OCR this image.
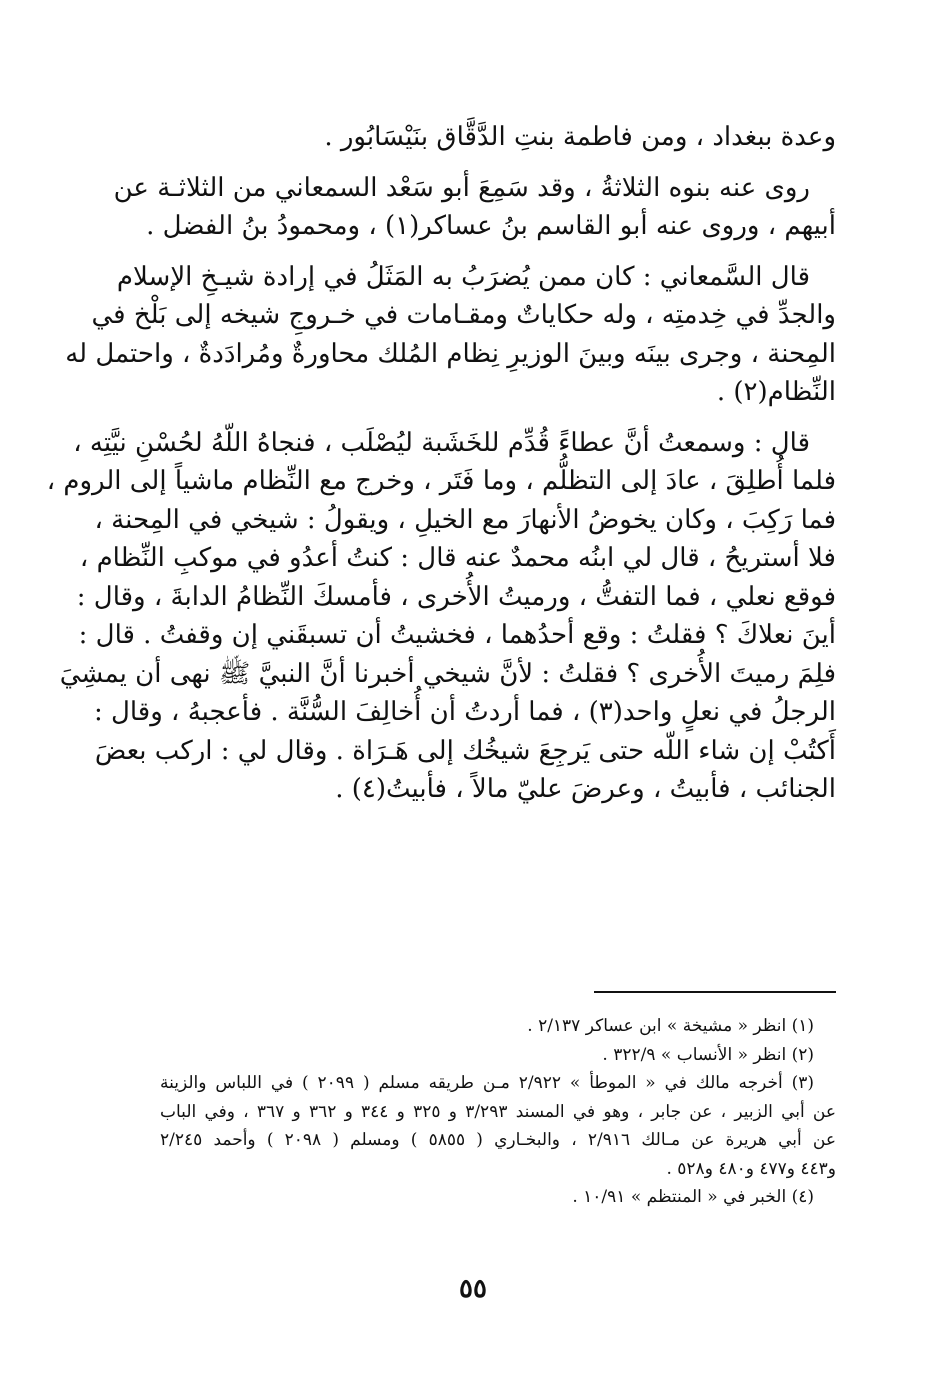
وعدة ببغداد ، ومن فاطمة بنتِ الدَّقَّاق بنَيْسَابُور .
روى عنه بنوه الثلاثةُ ، وقد سَمِعَ أبو سَعْد السمعاني من الثلاثـة عن
أبيهم ، وروى عنه أبو القاسم بنُ عساكر(١) ، ومحمودُ بنُ الفضل .
قال السَّمعاني : كان ممن يُضرَبُ به المَثَلُ في إرادة شيـخِ الإسلام
والجدِّ في خِدمتِه ، وله حكاياتٌ ومقـامات في خـروجِ شيخه إلى بَلْخ في
المِحنة ، وجرى بينَه وبينَ الوزيرِ نِظام المُلك محاورةٌ ومُرادَدةٌ ، واحتمل له
النِّظام(٢) .
قال : وسمعتُ أنَّ عطاءً قُدِّم للخَشَبة ليُصْلَب ، فنجاهُ اللّهُ لحُسْنِ نيَّتِه ،
فلما أُطلِقَ ، عادَ إلى التظلُّم ، وما فَتَر ، وخرج مع النِّظام ماشياً إلى الروم ،
فما رَكِبَ ، وكان يخوضُ الأنهارَ مع الخيلِ ، ويقولُ : شيخي في المِحنة ،
فلا أستريحُ ، قال لي ابنُه محمدٌ عنه قال : كنتُ أعدُو في موكبِ النِّظام ،
فوقع نعلي ، فما التفتُّ ، ورميتُ الأُخرى ، فأمسكَ النِّظامُ الدابةَ ، وقال :
أينَ نعلاكَ ؟ فقلتُ : وقع أحدُهما ، فخشيتُ أن تسبقَني إن وقفتُ . قال :
فلِمَ رميتَ الأُخرى ؟ فقلتُ : لأنَّ شيخي أخبرنا أنَّ النبيَّ ﷺ نهى أن يمشِيَ
الرجلُ في نعلٍ واحد(٣) ، فما أردتُ أن أُخالِفَ السُّنَّة . فأعجبهُ ، وقال :
أَكتُبْ إن شاء اللّه حتى يَرجِعَ شيخُك إلى هَـرَاة . وقال لي : اركب بعضَ
الجنائب ، فأبيتُ ، وعرضَ عليّ مالاً ، فأبيتُ(٤) .
(١) انظر « مشيخة » ابن عساكر ٢/١٣٧ .
(٢) انظر « الأنساب » ٣٢٢/٩ .
(٣) أخرجه مالك في « الموطأ » ٢/٩٢٢ مـن طريقه مسلم ( ٢٠٩٩ ) في اللباس والزينة
عن أبي الزبير ، عن جابر ، وهو في المسند ٣/٢٩٣ و ٣٢٥ و ٣٤٤ و ٣٦٢ و ٣٦٧ ، وفي الباب
عن أبي هريرة عن مـالك ٢/٩١٦ ، والبخـاري ( ٥٨٥٥ ) ومسلم ( ٢٠٩٨ ) وأحمد ٢/٢٤٥
و٤٤٣ و٤٧٧ و٤٨٠ و٥٢٨ .
(٤) الخبر في « المنتظم » ١٠/٩١ .
٥٥
